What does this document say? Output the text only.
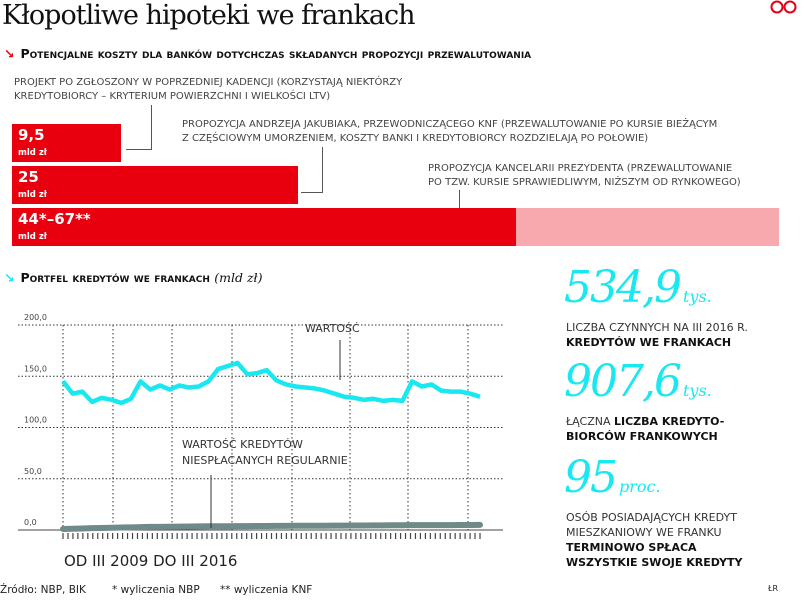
Kłopotliwe hipoteki we frankach
↘ Potencjalne koszty dla banków dotychczas składanych propozycji przewalutowania
PROJEKT PO ZGŁOSZONY W POPRZEDNIEJ KADENCJI (KORZYSTAJĄ NIEKTÓRZY
KREDYTOBIORCY – KRYTERIUM POWIERZCHNI I WIELKOŚCI LTV)
PROPOZYCJA ANDRZEJA JAKUBIAKA, PRZEWODNICZĄCEGO KNF (PRZEWALUTOWANIE PO KURSIE BIEŻĄCYM
Z CZĘŚCIOWYM UMORZENIEM, KOSZTY BANKI I KREDYTOBIORCY ROZDZIELAJĄ PO POŁOWIE)
PROPOZYCJA KANCELARII PREZYDENTA (PRZEWALUTOWANIE
PO TZW. KURSIE SPRAWIEDLIWYM, NIŻSZYM OD RYNKOWEGO)
9,5
mld zł
25
mld zł
44*–67**
mld zł
↘ Portfel kredytów we frankach (mld zł)
0,0
50,0
100,0
150,0
200,0
WARTOŚĆ
WARTOŚĆ KREDYTÓW NIESPŁACANYCH REGULARNIE
OD III 2009 DO III 2016
534,9 tys.
LICZBA CZYNNYCH NA III 2016 R.
KREDYTÓW WE FRANKACH
907,6 tys.
ŁĄCZNA LICZBA KREDYTO-
BIORCÓW FRANKOWYCH
95 proc.
OSÓB POSIADAJĄCYCH KREDYT
MIESZKANIOWY WE FRANKU
TERMINOWO SPŁACA
WSZYSTKIE SWOJE KREDYTY
Źródło: NBP, BIK * wyliczenia NBP ** wyliczenia KNF	ŁR
